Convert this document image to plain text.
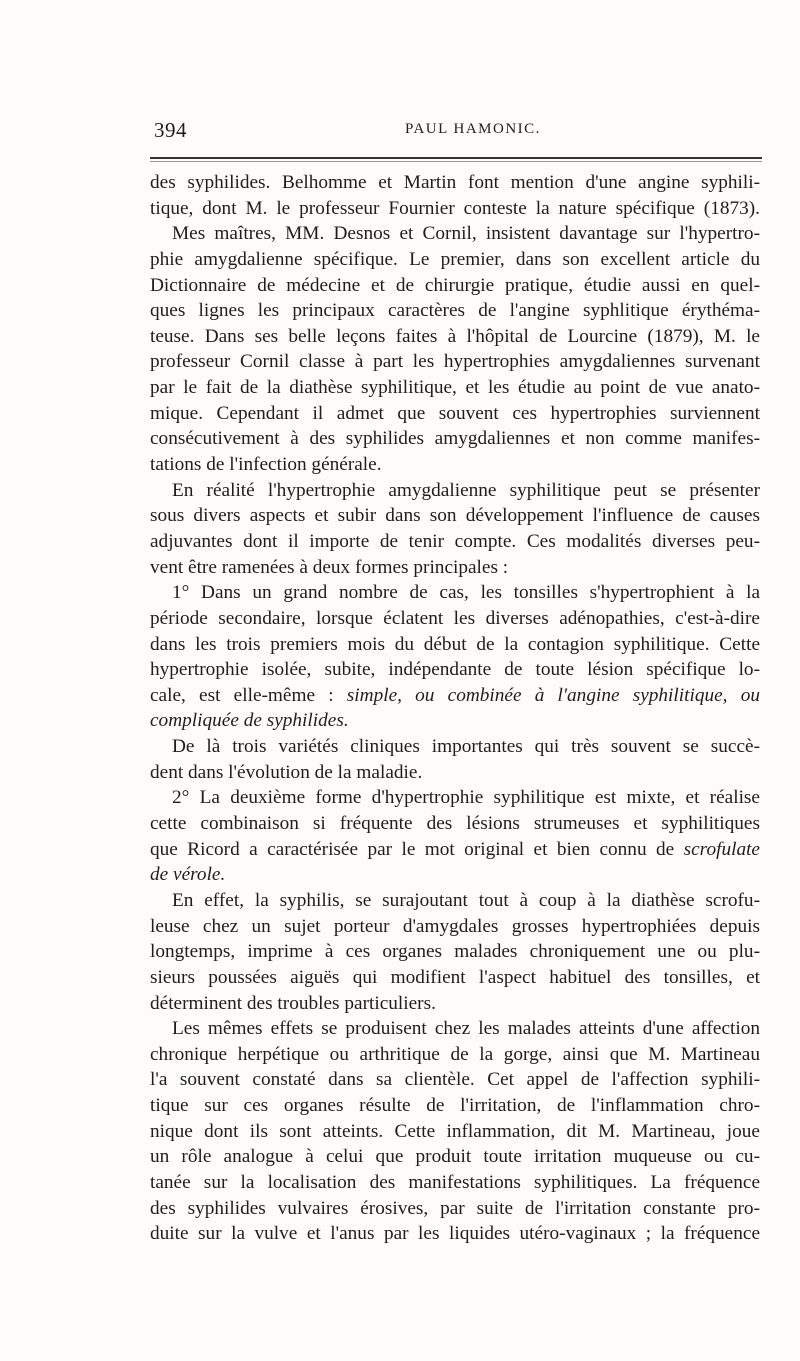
394	PAUL HAMONIC.
des syphilides. Belhomme et Martin font mention d'une angine syphili-
tique, dont M. le professeur Fournier conteste la nature spécifique (1873).
Mes maîtres, MM. Desnos et Cornil, insistent davantage sur l'hypertro-
phie amygdalienne spécifique. Le premier, dans son excellent article du
Dictionnaire de médecine et de chirurgie pratique, étudie aussi en quel-
ques lignes les principaux caractères de l'angine syphlitique érythéma-
teuse. Dans ses belle leçons faites à l'hôpital de Lourcine (1879), M. le
professeur Cornil classe à part les hypertrophies amygdaliennes survenant
par le fait de la diathèse syphilitique, et les étudie au point de vue anato-
mique. Cependant il admet que souvent ces hypertrophies surviennent
consécutivement à des syphilides amygdaliennes et non comme manifes-
tations de l'infection générale.
En réalité l'hypertrophie amygdalienne syphilitique peut se présenter
sous divers aspects et subir dans son développement l'influence de causes
adjuvantes dont il importe de tenir compte. Ces modalités diverses peu-
vent être ramenées à deux formes principales :
1° Dans un grand nombre de cas, les tonsilles s'hypertrophient à la
période secondaire, lorsque éclatent les diverses adénopathies, c'est-à-dire
dans les trois premiers mois du début de la contagion syphilitique. Cette
hypertrophie isolée, subite, indépendante de toute lésion spécifique lo-
cale, est elle-même : simple, ou combinée à l'angine syphilitique, ou
compliquée de syphilides.
De là trois variétés cliniques importantes qui très souvent se succè-
dent dans l'évolution de la maladie.
2° La deuxième forme d'hypertrophie syphilitique est mixte, et réalise
cette combinaison si fréquente des lésions strumeuses et syphilitiques
que Ricord a caractérisée par le mot original et bien connu de scrofulate
de vérole.
En effet, la syphilis, se surajoutant tout à coup à la diathèse scrofu-
leuse chez un sujet porteur d'amygdales grosses hypertrophiées depuis
longtemps, imprime à ces organes malades chroniquement une ou plu-
sieurs poussées aiguës qui modifient l'aspect habituel des tonsilles, et
déterminent des troubles particuliers.
Les mêmes effets se produisent chez les malades atteints d'une affection
chronique herpétique ou arthritique de la gorge, ainsi que M. Martineau
l'a souvent constaté dans sa clientèle. Cet appel de l'affection syphili-
tique sur ces organes résulte de l'irritation, de l'inflammation chro-
nique dont ils sont atteints. Cette inflammation, dit M. Martineau, joue
un rôle analogue à celui que produit toute irritation muqueuse ou cu-
tanée sur la localisation des manifestations syphilitiques. La fréquence
des syphilides vulvaires érosives, par suite de l'irritation constante pro-
duite sur la vulve et l'anus par les liquides utéro-vaginaux ; la fréquence
